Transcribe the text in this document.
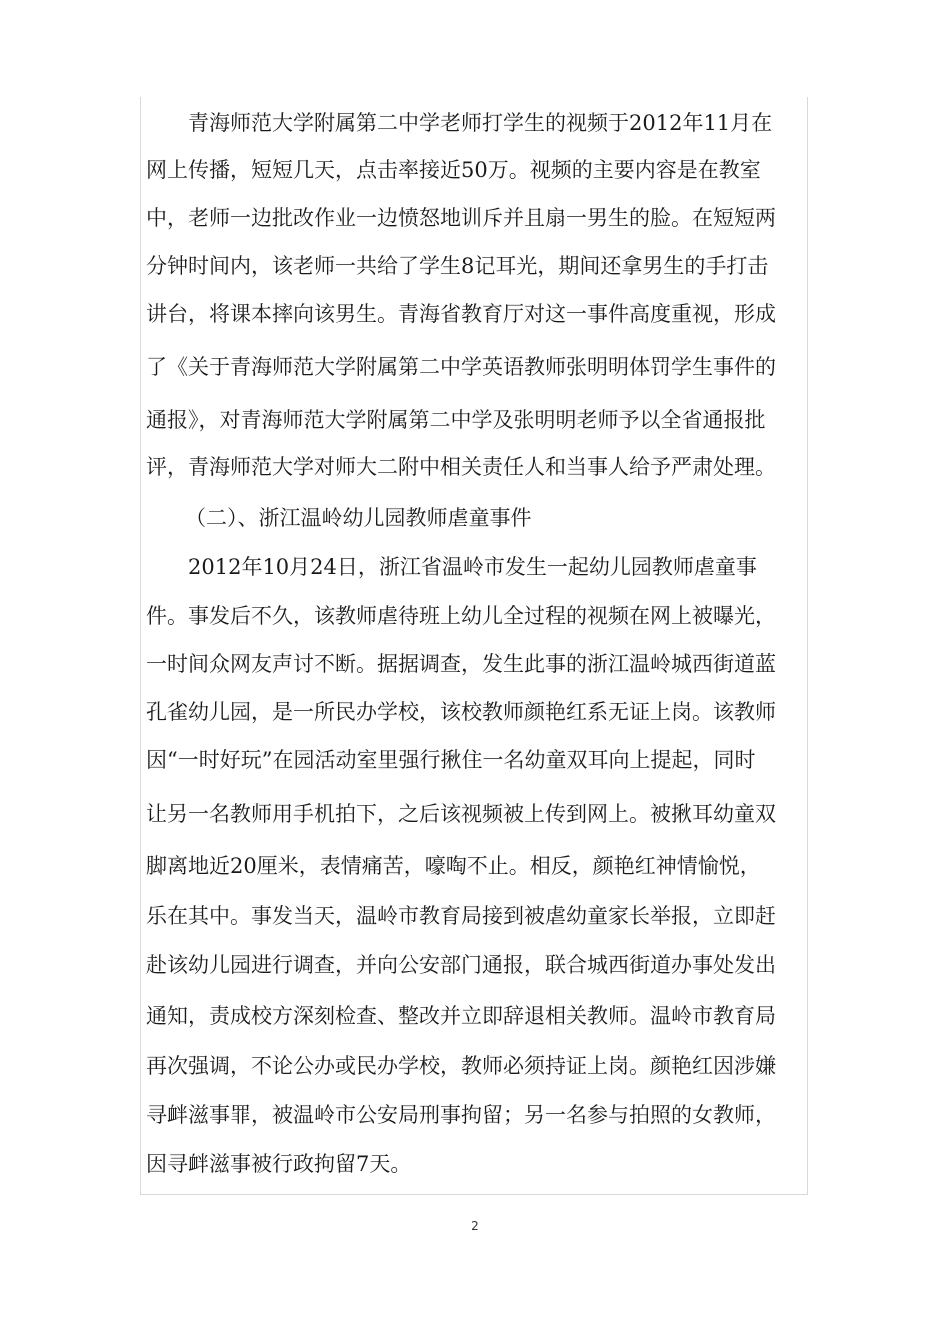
青海师范大学附属第二中学老师打学生的视频于2012年11月在
网上传播，短短几天，点击率接近50万。视频的主要内容是在教室
中，老师一边批改作业一边愤怒地训斥并且扇一男生的脸。在短短两
分钟时间内，该老师一共给了学生8记耳光，期间还拿男生的手打击
讲台，将课本摔向该男生。青海省教育厅对这一事件高度重视，形成
了《关于青海师范大学附属第二中学英语教师张明明体罚学生事件的
通报》，对青海师范大学附属第二中学及张明明老师予以全省通报批
评，青海师范大学对师大二附中相关责任人和当事人给予严肃处理。
（二）、浙江温岭幼儿园教师虐童事件
2012年10月24日，浙江省温岭市发生一起幼儿园教师虐童事
件。事发后不久，该教师虐待班上幼儿全过程的视频在网上被曝光，
一时间众网友声讨不断。据据调查，发生此事的浙江温岭城西街道蓝
孔雀幼儿园，是一所民办学校，该校教师颜艳红系无证上岗。该教师
因“一时好玩”在园活动室里强行揪住一名幼童双耳向上提起，同时
让另一名教师用手机拍下，之后该视频被上传到网上。被揪耳幼童双
脚离地近20厘米，表情痛苦，嚎啕不止。相反，颜艳红神情愉悦，
乐在其中。事发当天，温岭市教育局接到被虐幼童家长举报，立即赶
赴该幼儿园进行调查，并向公安部门通报，联合城西街道办事处发出
通知，责成校方深刻检查、整改并立即辞退相关教师。温岭市教育局
再次强调，不论公办或民办学校，教师必须持证上岗。颜艳红因涉嫌
寻衅滋事罪，被温岭市公安局刑事拘留；另一名参与拍照的女教师，
因寻衅滋事被行政拘留7天。
2
